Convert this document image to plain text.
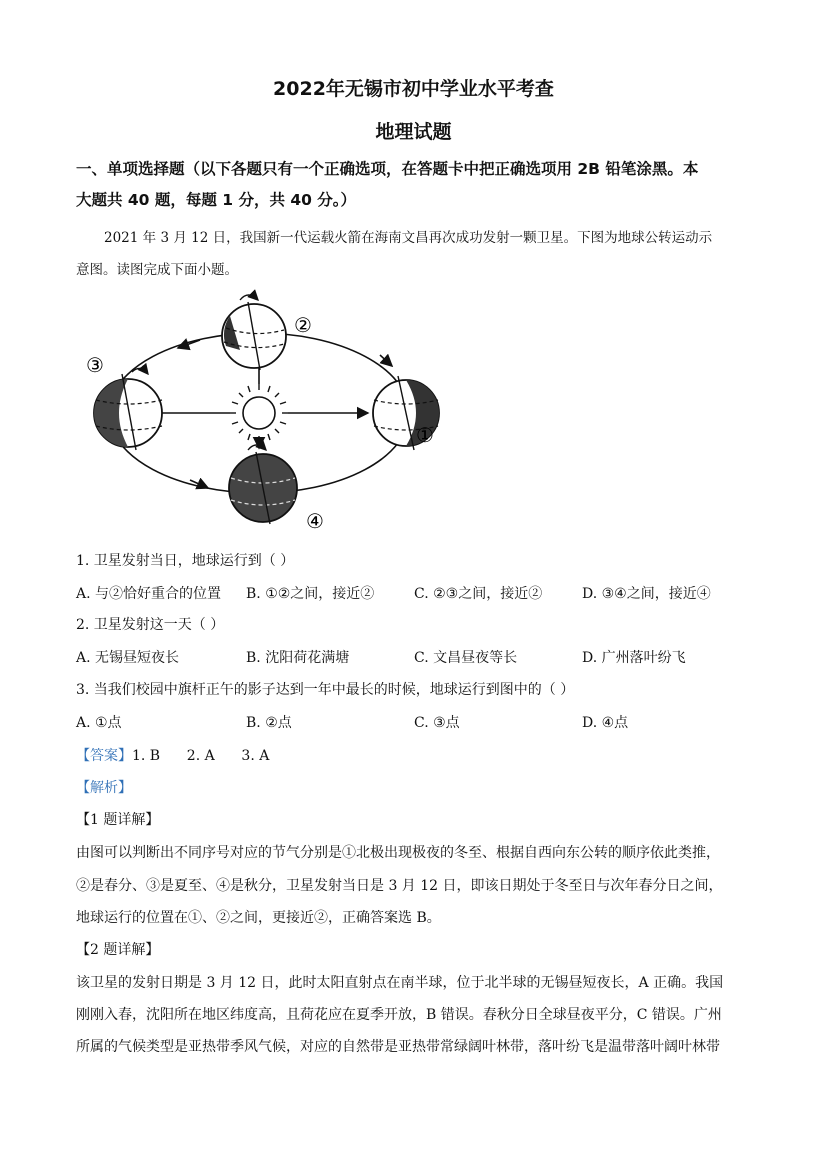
2022年无锡市初中学业水平考查
地理试题
一、单项选择题（以下各题只有一个正确选项，在答题卡中把正确选项用 2B 铅笔涂黑。本
大题共 40 题，每题 1 分，共 40 分。）
2021 年 3 月 12 日，我国新一代运载火箭在海南文昌再次成功发射一颗卫星。下图为地球公转运动示
意图。读图完成下面小题。
①
②
③
④
1. 卫星发射当日，地球运行到（ ）
A. 与②恰好重合的位置 B. ①②之间，接近②	C. ②③之间，接近②	D. ③④之间，接近④
2. 卫星发射这一天（ ）
A. 无锡昼短夜长	B. 沈阳荷花满塘	C. 文昌昼夜等长	D. 广州落叶纷飞
3. 当我们校园中旗杆正午的影子达到一年中最长的时候，地球运行到图中的（ ）
A. ①点	B. ②点	C. ③点	D. ④点
【答案】1. B      2. A      3. A
【解析】
【1 题详解】
由图可以判断出不同序号对应的节气分别是①北极出现极夜的冬至、根据自西向东公转的顺序依此类推，
②是春分、③是夏至、④是秋分，卫星发射当日是 3 月 12 日，即该日期处于冬至日与次年春分日之间，
地球运行的位置在①、②之间，更接近②，正确答案选 B。
【2 题详解】
该卫星的发射日期是 3 月 12 日，此时太阳直射点在南半球，位于北半球的无锡昼短夜长，A 正确。我国
刚刚入春，沈阳所在地区纬度高，且荷花应在夏季开放，B 错误。春秋分日全球昼夜平分，C 错误。广州
所属的气候类型是亚热带季风气候，对应的自然带是亚热带常绿阔叶林带，落叶纷飞是温带落叶阔叶林带
